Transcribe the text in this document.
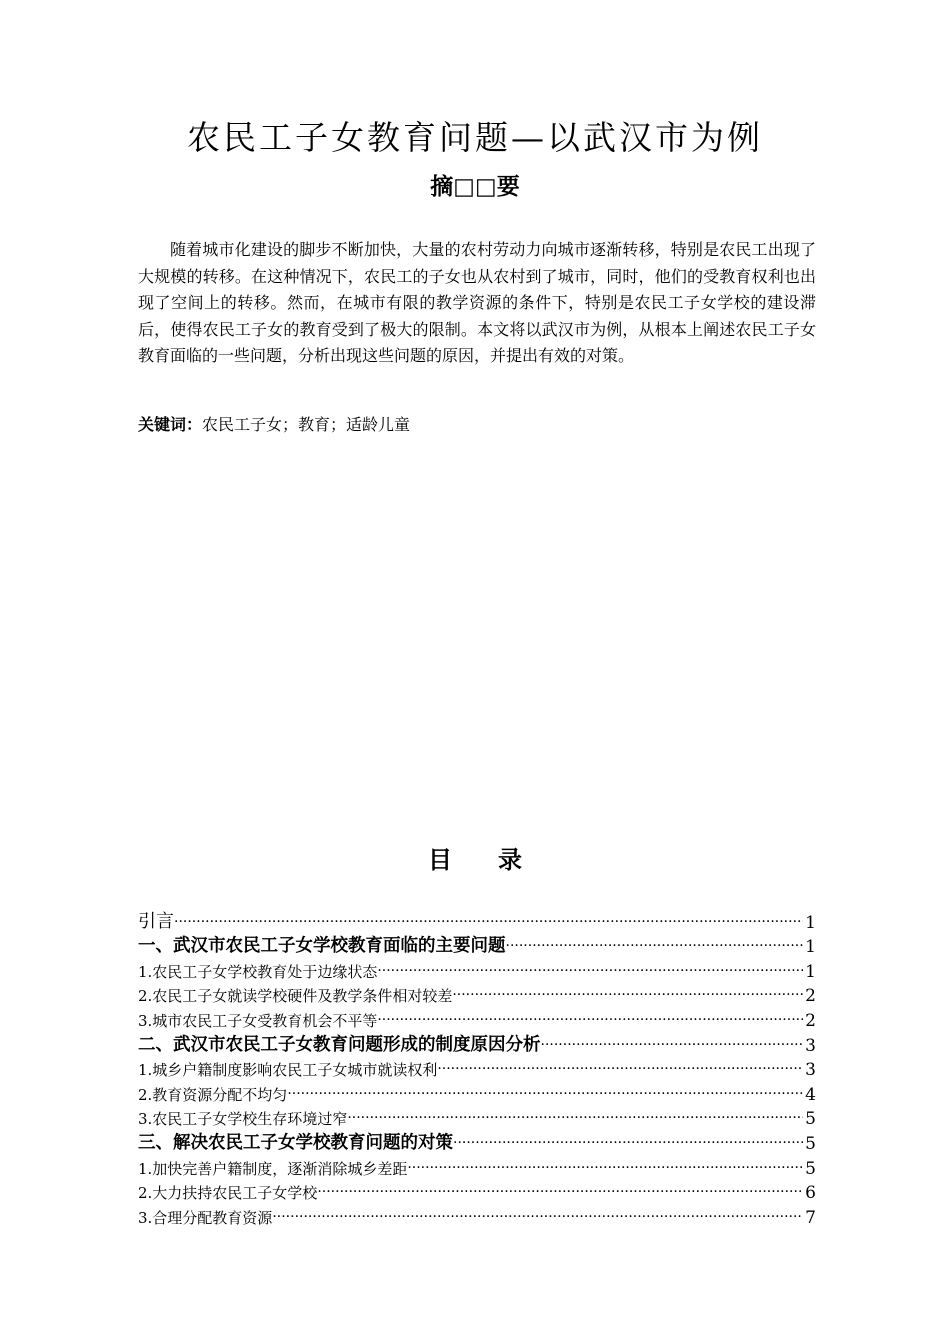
农民工子女教育问题—以武汉市为例
摘□□要

随着城市化建设的脚步不断加快，大量的农村劳动力向城市逐渐转移，特别是农民工出现了大规模的转移。在这种情况下，农民工的子女也从农村到了城市，同时，他们的受教育权利也出现了空间上的转移。然而，在城市有限的教学资源的条件下，特别是农民工子女学校的建设滞后，使得农民工子女的教育受到了极大的限制。本文将以武汉市为例，从根本上阐述农民工子女教育面临的一些问题，分析出现这些问题的原因，并提出有效的对策。

关键词：农民工子女；教育；适龄儿童
目 录
引言 ·····	1
一、武汉市农民工子女学校教育面临的主要问题 ·····	1
1.农民工子女学校教育处于边缘状态 ·····	1
2.农民工子女就读学校硬件及教学条件相对较差 ·····	2
3.城市农民工子女受教育机会不平等 ·····	2
二、武汉市农民工子女教育问题形成的制度原因分析 ·····	3
1.城乡户籍制度影响农民工子女城市就读权利 ·····	3
2.教育资源分配不均匀 ·····	4
3.农民工子女学校生存环境过窄 ·····	5
三、解决农民工子女学校教育问题的对策 ·····	5
1.加快完善户籍制度，逐渐消除城乡差距 ·····	5
2.大力扶持农民工子女学校 ·····	6
3.合理分配教育资源 ·····	7
